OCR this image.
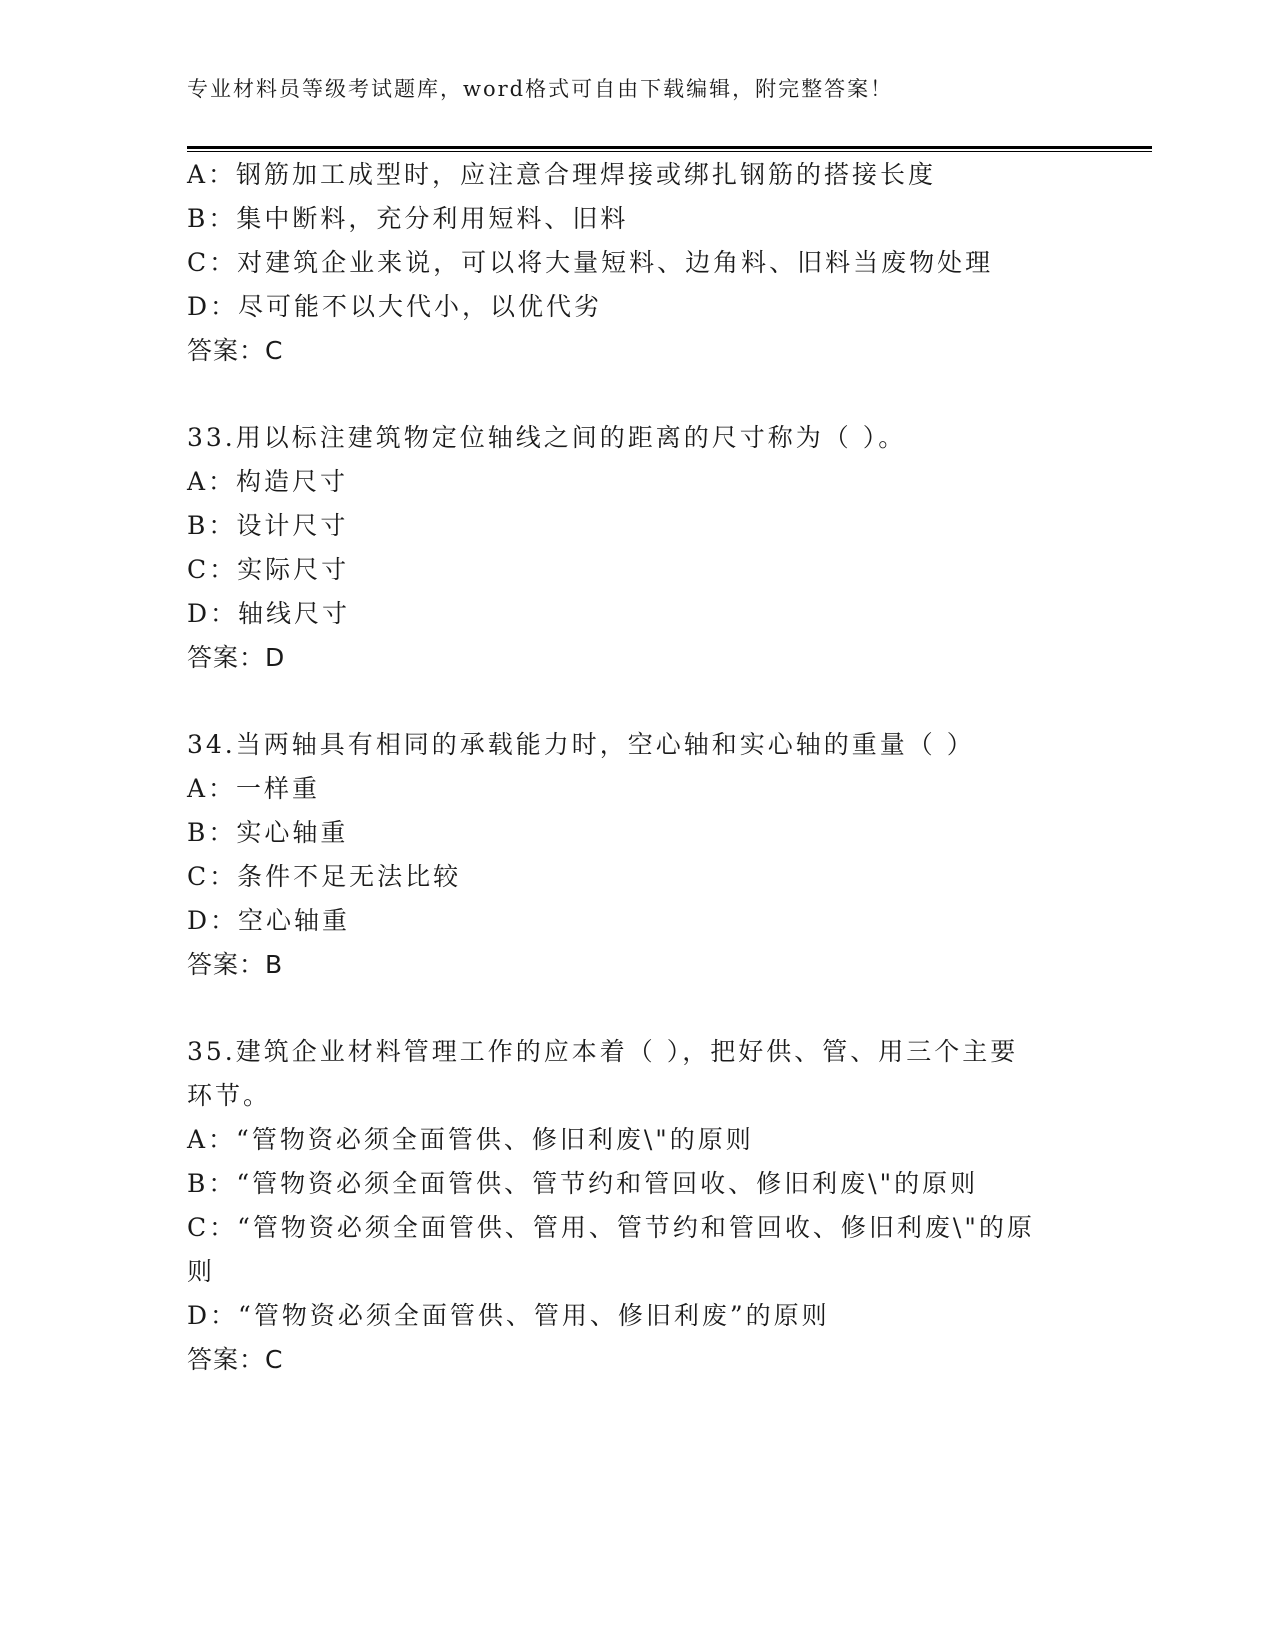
专业材料员等级考试题库，word格式可自由下载编辑，附完整答案！
A：钢筋加工成型时，应注意合理焊接或绑扎钢筋的搭接长度
B：集中断料，充分利用短料、旧料
C：对建筑企业来说，可以将大量短料、边角料、旧料当废物处理
D：尽可能不以大代小，以优代劣
答案：C
33.用以标注建筑物定位轴线之间的距离的尺寸称为（ ）。
A：构造尺寸
B：设计尺寸
C：实际尺寸
D：轴线尺寸
答案：D
34.当两轴具有相同的承载能力时，空心轴和实心轴的重量（ ）
A：一样重
B：实心轴重
C：条件不足无法比较
D：空心轴重
答案：B
35.建筑企业材料管理工作的应本着（ ），把好供、管、用三个主要
环节。
A：“管物资必须全面管供、修旧利废\"的原则
B：“管物资必须全面管供、管节约和管回收、修旧利废\"的原则
C：“管物资必须全面管供、管用、管节约和管回收、修旧利废\"的原
则
D：“管物资必须全面管供、管用、修旧利废”的原则
答案：C
